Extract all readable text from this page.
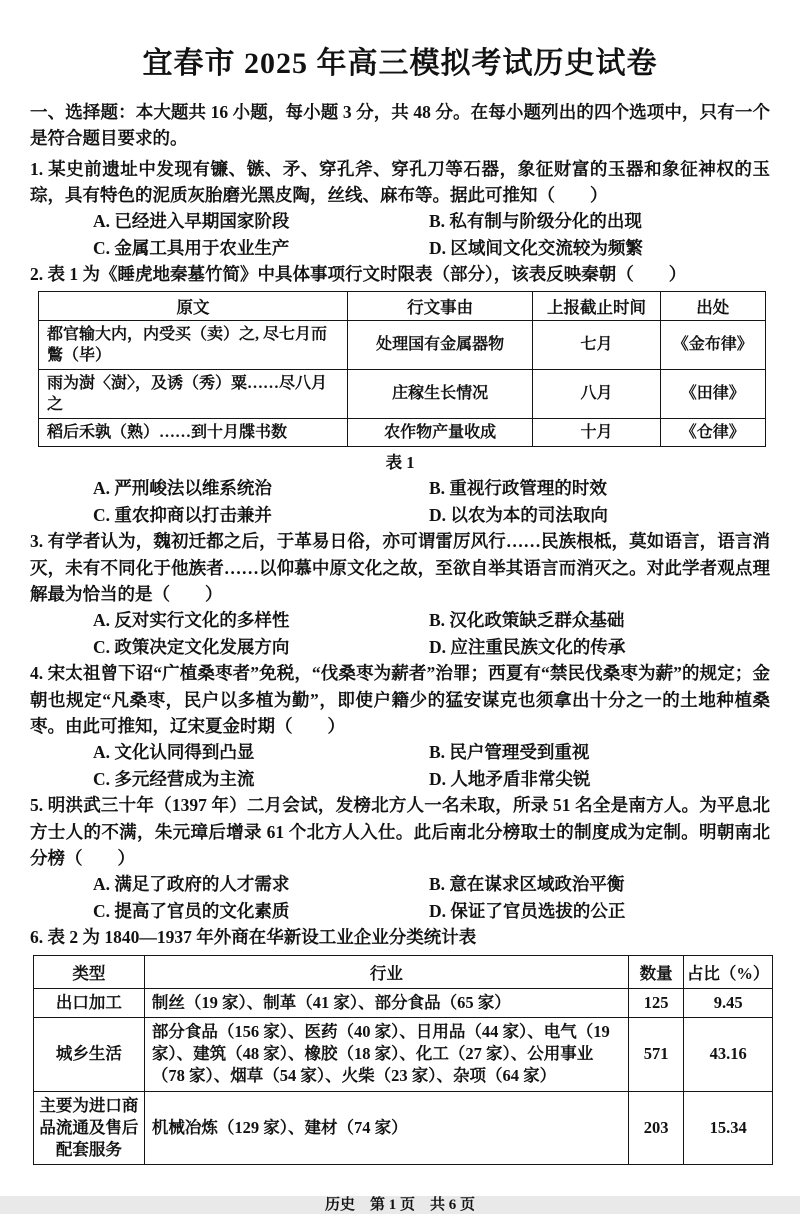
宜春市 2025 年高三模拟考试历史试卷

一、选择题：本大题共 16 小题，每小题 3 分，共 48 分。在每小题列出的四个选项中，只有一个是符合题目要求的。

1. 某史前遗址中发现有镰、镞、矛、穿孔斧、穿孔刀等石器，象征财富的玉器和象征神权的玉琮，具有特色的泥质灰胎磨光黑皮陶，丝线、麻布等。据此可推知（　　）

A. 已经进入早期国家阶段	B. 私有制与阶级分化的出现
C. 金属工具用于农业生产	D. 区域间文化交流较为频繁

2. 表 1 为《睡虎地秦墓竹简》中具体事项行文时限表（部分），该表反映秦朝（　　）

原文	行文事由	上报截止时间	出处
都官输大内，内受买（卖）之, 尽七月而鷩（毕）	处理国有金属器物	七月	《金布律》
雨为澍〈澍〉，及诱（秀）粟……尽八月之	庄稼生长情况	八月	《田律》
稻后禾孰（熟）……到十月牒书数	农作物产量收成	十月	《仓律》
表 1
A. 严刑峻法以维系统治	B. 重视行政管理的时效
C. 重农抑商以打击兼并	D. 以农为本的司法取向

3. 有学者认为，魏初迁都之后，于革易日俗，亦可谓雷厉风行……民族根柢，莫如语言，语言消灭，未有不同化于他族者……以仰慕中原文化之故，至欲自举其语言而消灭之。对此学者观点理解最为恰当的是（　　）

A. 反对实行文化的多样性	B. 汉化政策缺乏群众基础
C. 政策决定文化发展方向	D. 应注重民族文化的传承

4. 宋太祖曾下诏“广植桑枣者”免税，“伐桑枣为薪者”治罪；西夏有“禁民伐桑枣为薪”的规定；金朝也规定“凡桑枣，民户以多植为勤”，即使户籍少的猛安谋克也须拿出十分之一的土地种植桑枣。由此可推知，辽宋夏金时期（　　）

A. 文化认同得到凸显	B. 民户管理受到重视
C. 多元经营成为主流	D. 人地矛盾非常尖锐

5. 明洪武三十年（1397 年）二月会试，发榜北方人一名未取，所录 51 名全是南方人。为平息北方士人的不满，朱元璋后增录 61 个北方人入仕。此后南北分榜取士的制度成为定制。明朝南北分榜（　　）

A. 满足了政府的人才需求	B. 意在谋求区域政治平衡
C. 提高了官员的文化素质	D. 保证了官员选拔的公正

6. 表 2 为 1840—1937 年外商在华新设工业企业分类统计表

类型	行业	数量	占比（%）
出口加工	制丝（19 家）、制革（41 家）、部分食品（65 家）	125	9.45
城乡生活	部分食品（156 家）、医药（40 家）、日用品（44 家）、电气（19 家）、建筑（48 家）、橡胶（18 家）、化工（27 家）、公用事业（78 家）、烟草（54 家）、火柴（23 家）、杂项（64 家）	571	43.16
主要为进口商品流通及售后配套服务	机械冶炼（129 家）、建材（74 家）	203	15.34
历史　第 1 页　共 6 页
